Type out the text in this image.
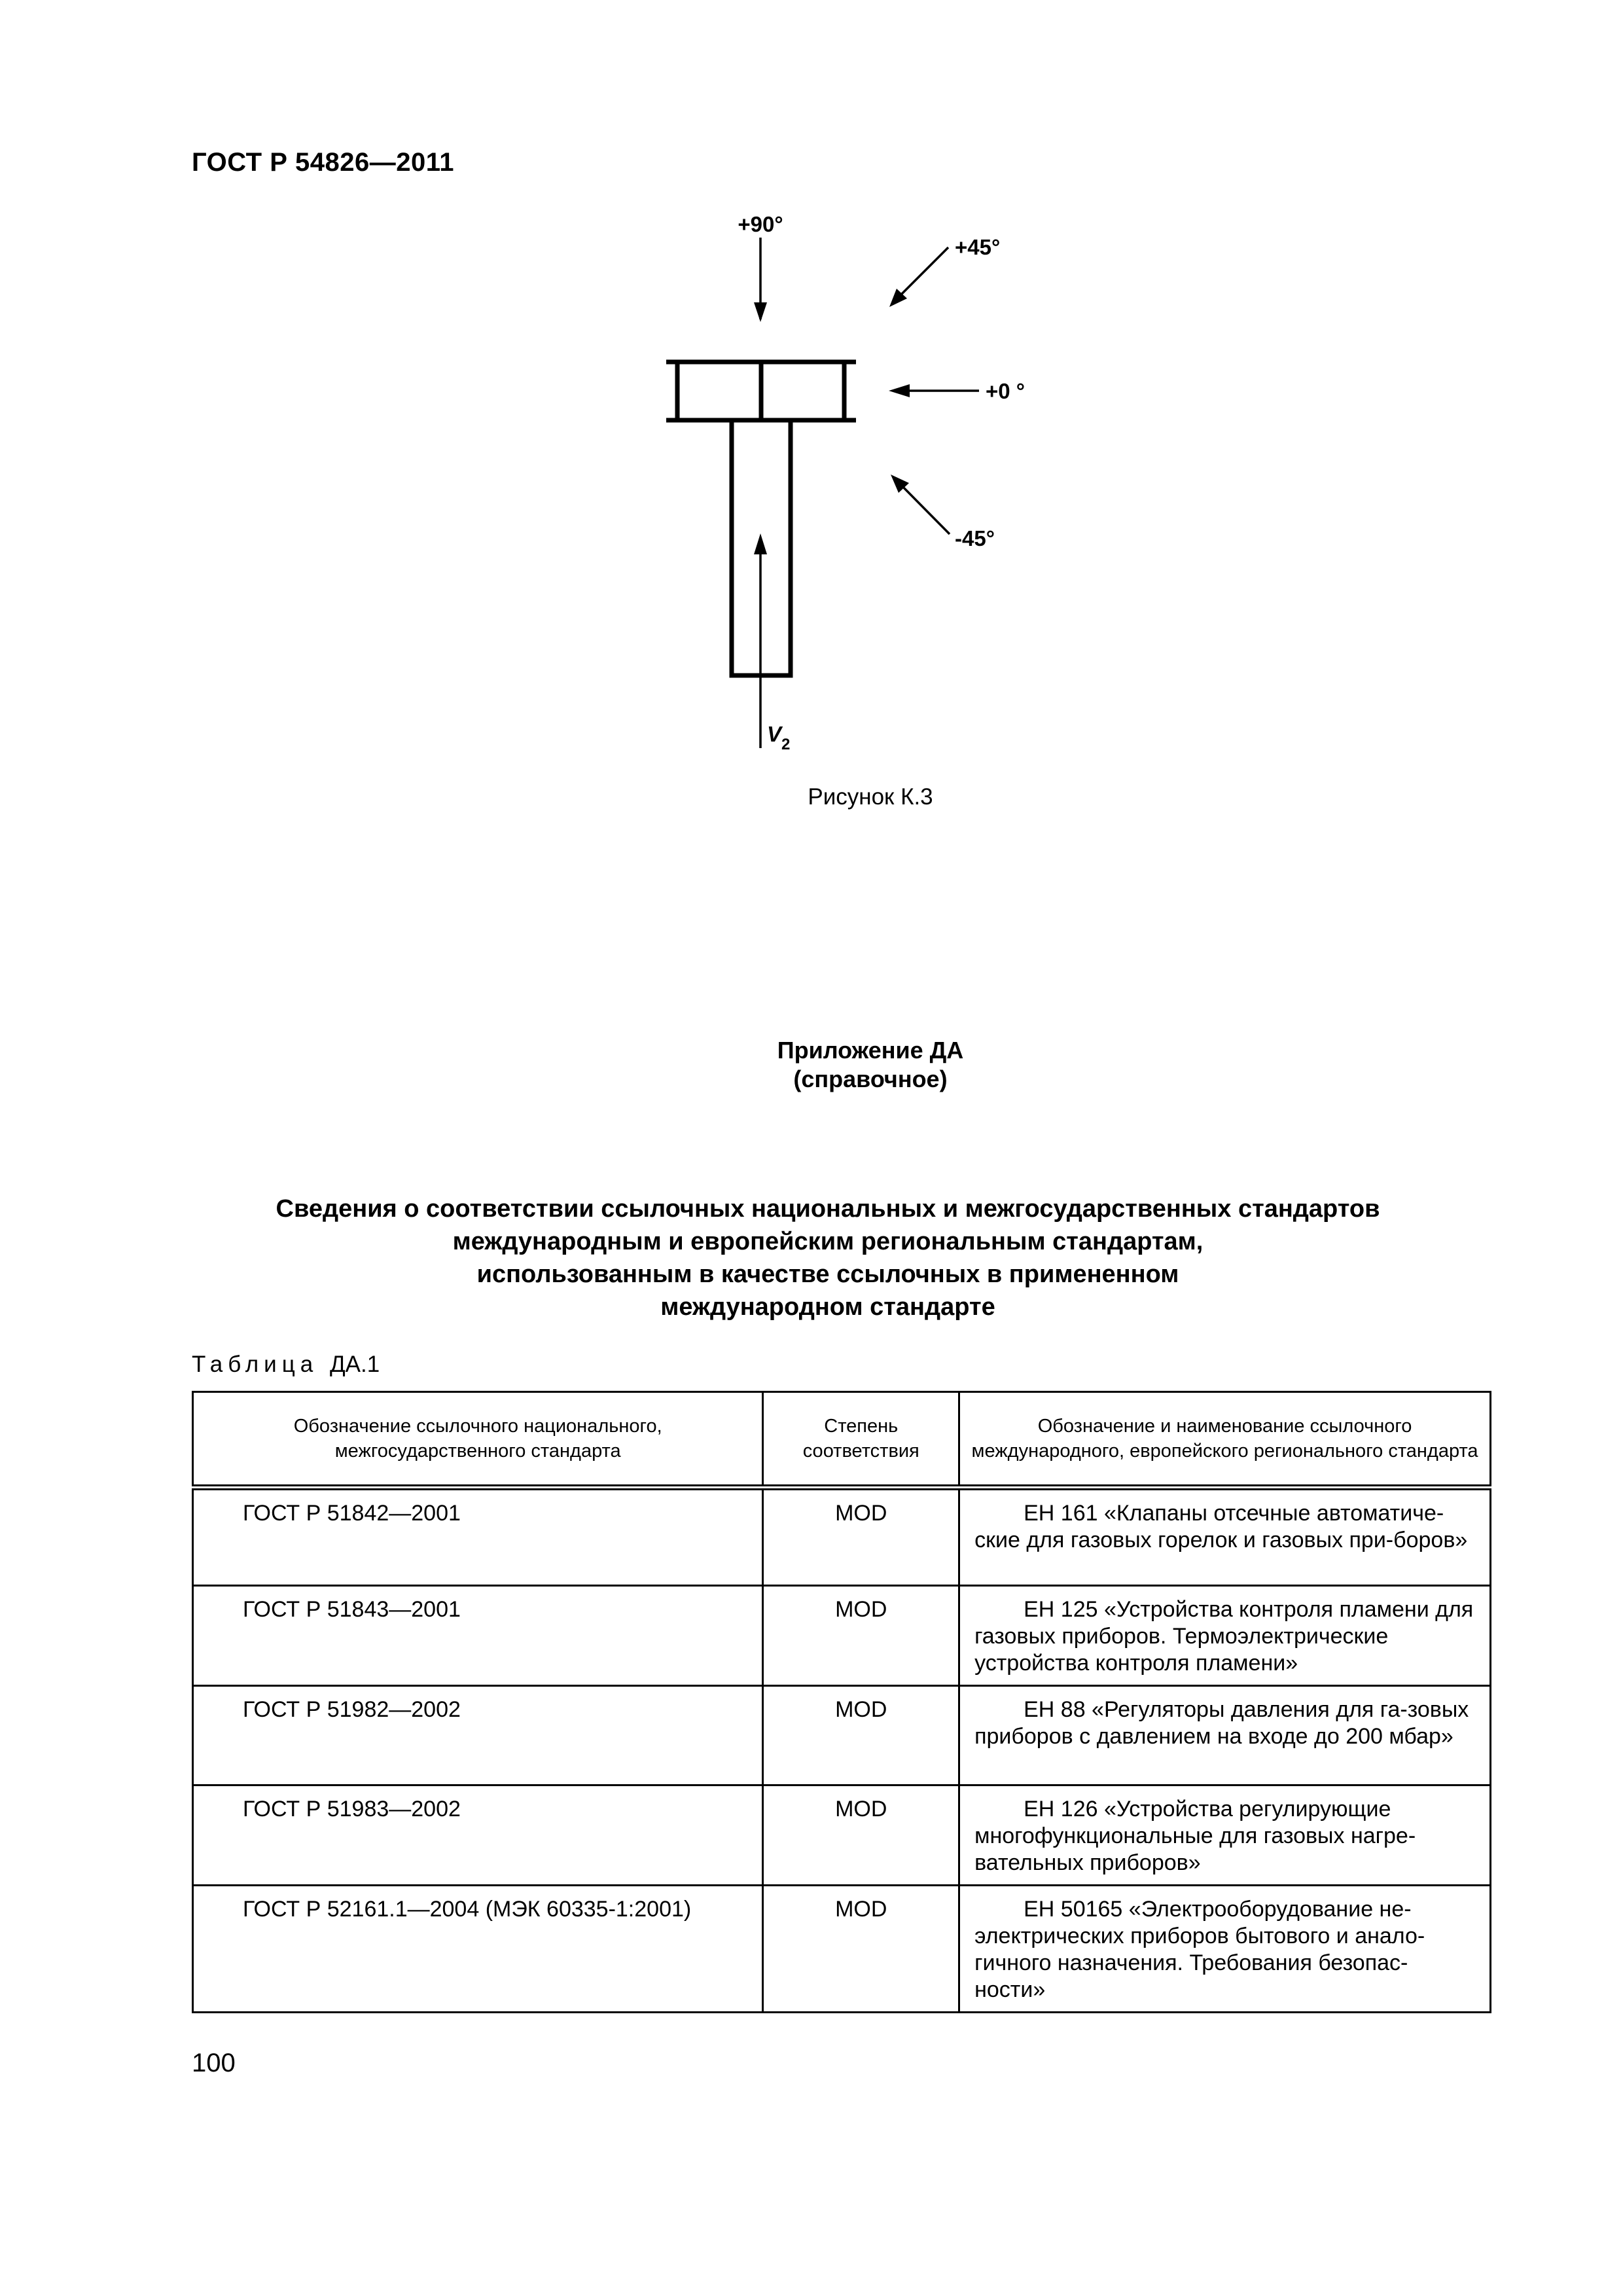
ГОСТ Р 54826—2011
+90°
+45°
+0 °
-45°
$V_2$
Рисунок К.3
Приложение ДА
(справочное)
Сведения о соответствии ссылочных национальных и межгосударственных стандартов
международным и европейским региональным стандартам,
использованным в качестве ссылочных в примененном
международном стандарте
Таблица ДА.1
Обозначение ссылочного национального, межгосударственного стандарта	Степень соответствия	Обозначение и наименование ссылочного международного, европейского регионального стандарта
ГОСТ Р 51842—2001	MOD	ЕН 161 «Клапаны отсечные автоматиче-ские для газовых горелок и газовых при-боров»
ГОСТ Р 51843—2001	MOD	ЕН 125 «Устройства контроля пламени для газовых приборов. Термоэлектрические устройства контроля пламени»
ГОСТ Р 51982—2002	MOD	ЕН 88 «Регуляторы давления для га-зовых приборов с давлением на входе до 200 мбар»
ГОСТ Р 51983—2002	MOD	ЕН 126 «Устройства регулирующие многофункциональные для газовых нагре-вательных приборов»
ГОСТ Р 52161.1—2004 (МЭК 60335-1:2001)	MOD	ЕН 50165 «Электрооборудование не-электрических приборов бытового и анало-гичного назначения. Требования безопас-ности»
100
